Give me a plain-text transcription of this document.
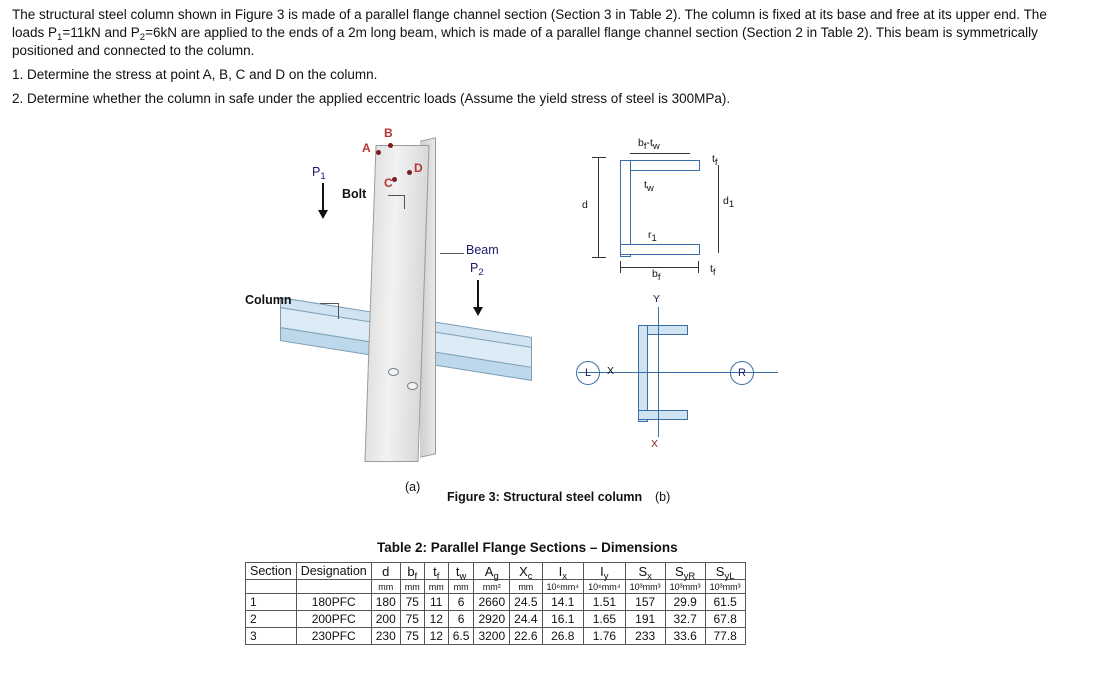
The structural steel column shown in Figure 3 is made of a parallel flange channel section (Section 3 in Table 2). The column is fixed at its base and free at its upper end. The loads $P_1=11kN$ and $P_2=6kN$ are applied to the ends of a 2m long beam, which is made of a parallel flange channel section (Section 2 in Table 2). This beam is symmetrically positioned and connected to the column.

1. Determine the stress at point A, B, C and D on the column.

2. Determine whether the column in safe under the applied eccentric loads (Assume the yield stress of steel is 300MPa).

B
A
D
C
$P_1$
Beam
$P_2$
Bolt
Column
(a)
d
$b_f$
$b_f-t_w$
$t_w$
$t_f$
$d_1$
$r_1$
$t_f$
Y
X
X
L	R
(b)
Figure 3: Structural steel column
Table 2: Parallel Flange Sections – Dimensions
Section	Designation	d	$b_f$	$t_f$	$t_w$	$A_g$	$X_c$	$I_x$	$I_y$	$S_x$	$S_{yR}$	$S_{yL}$
		mm	mm	mm	mm	mm²	mm	10⁶mm⁴	10⁶mm⁴	10³mm³	10³mm³	10³mm³
1	180PFC	180	75	11	6	2660	24.5	14.1	1.51	157	29.9	61.5
2	200PFC	200	75	12	6	2920	24.4	16.1	1.65	191	32.7	67.8
3	230PFC	230	75	12	6.5	3200	22.6	26.8	1.76	233	33.6	77.8
